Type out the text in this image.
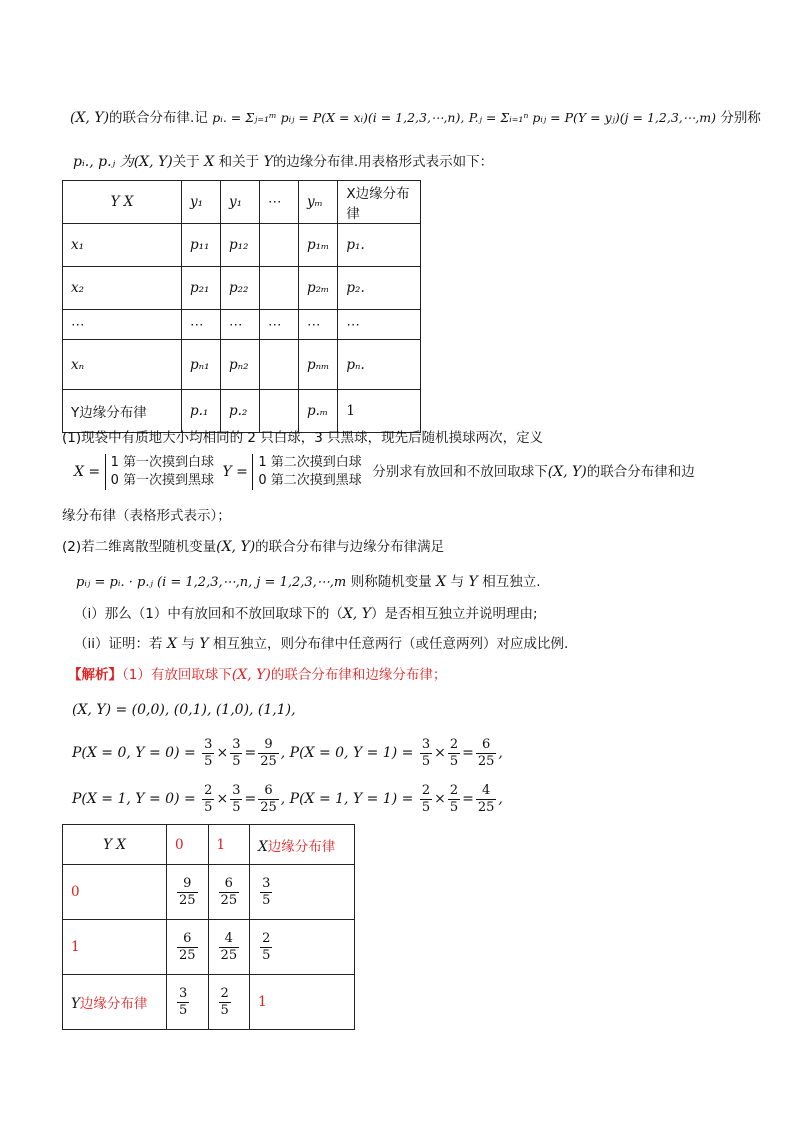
(X, Y)的联合分布律.记 pᵢ. = Σⱼ₌₁ᵐ pᵢⱼ = P(X = xᵢ)(i = 1,2,3,⋯,n), P.ⱼ = Σᵢ₌₁ⁿ pᵢⱼ = P(Y = yⱼ)(j = 1,2,3,⋯,m) 分别称
pᵢ., p.ⱼ 为(X, Y)关于 X 和关于 Y的边缘分布律.用表格形式表示如下：
Y X	y₁	y₁	⋯	yₘ	X边缘分布律
x₁	p₁₁	p₁₂		p₁ₘ	p₁.
x₂	p₂₁	p₂₂		p₂ₘ	p₂.
⋯	⋯	⋯	⋯	⋯	⋯
xₙ	pₙ₁	pₙ₂		pₙₘ	pₙ.
Y边缘分布律	p.₁	p.₂		p.ₘ	1
(1)现袋中有质地大小均相同的 2 只白球，3 只黑球，现先后随机摸球两次，定义
X =
1 第一次摸到白球
0 第一次摸到黑球
Y =
1 第二次摸到白球
0 第二次摸到黑球
分别求有放回和不放回取球下(X, Y)的联合分布律和边
缘分布律（表格形式表示）；
(2)若二维离散型随机变量(X, Y)的联合分布律与边缘分布律满足
pᵢⱼ = pᵢ. · p.ⱼ (i = 1,2,3,⋯,n, j = 1,2,3,⋯,m 则称随机变量 X 与 Y 相互独立.
（i）那么（1）中有放回和不放回取球下的（X, Y）是否相互独立并说明理由;
（ii）证明：若 X 与 Y 相互独立，则分布律中任意两行（或任意两列）对应成比例.
【解析】（1）有放回取球下(X, Y)的联合分布律和边缘分布律；
(X, Y) = (0,0), (0,1), (1,0), (1,1),
P(X = 0, $Y = 0) = \frac{3}{5} \times \frac{3}{5} = \frac{9}{25}$ , P(X = 0, $Y = 1) = \frac{3}{5} \times \frac{2}{5} = \frac{6}{25}$ ,
P(X = 1, $Y = 0) = \frac{2}{5} \times \frac{3}{5} = \frac{6}{25}$ , P(X = 1, $Y = 1) = \frac{2}{5} \times \frac{2}{5} = \frac{4}{25}$ ,
Y X	0	1	X边缘分布律
0	$\frac{9}{25}$	$\frac{6}{25}$	$\frac{3}{5}$

1	$\frac{6}{25}$	$\frac{4}{25}$	$\frac{2}{5}$

Y边缘分布律	$\frac{3}{5}$	$\frac{2}{5}$	1
